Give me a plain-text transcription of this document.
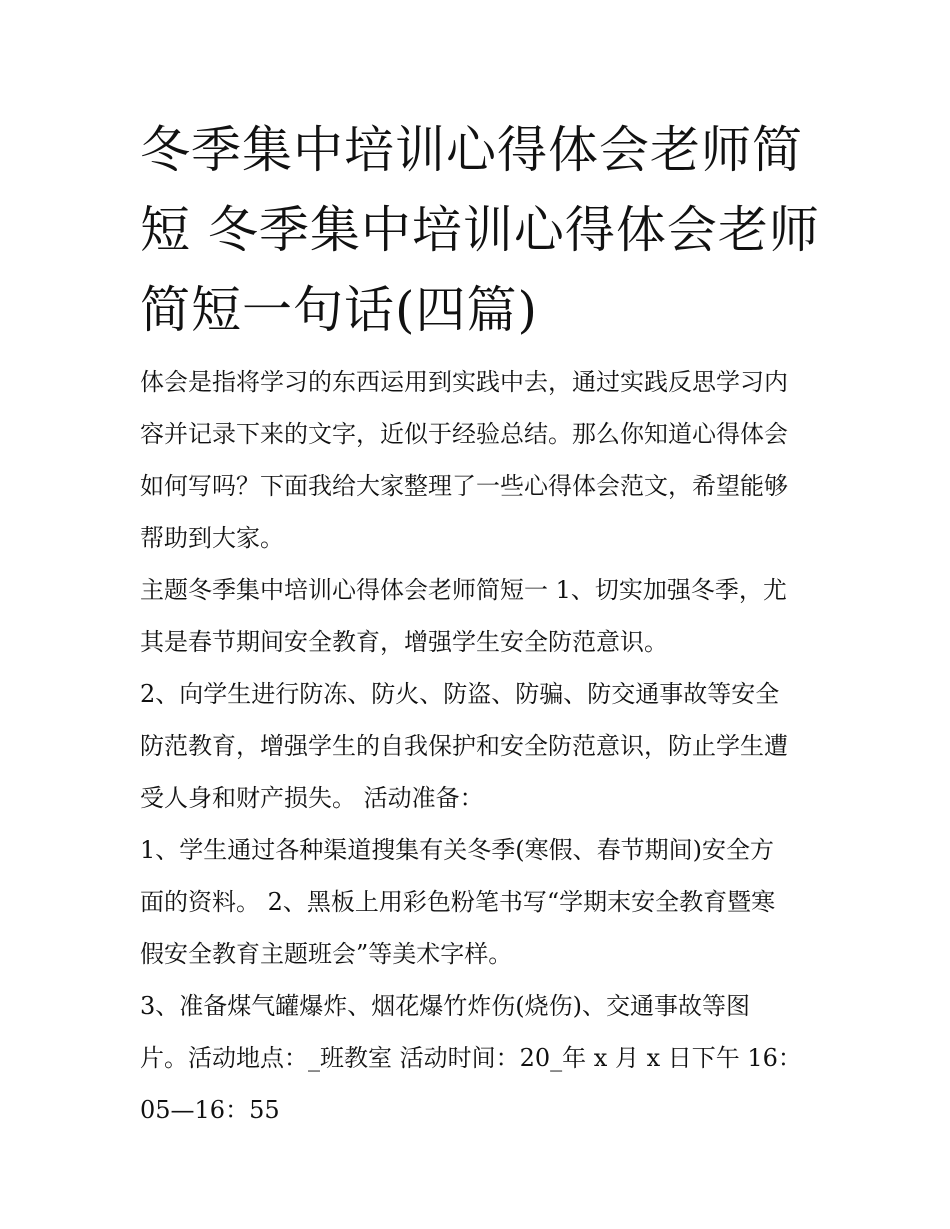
冬季集中培训心得体会老师简
短 冬季集中培训心得体会老师
简短一句话(四篇)
体会是指将学习的东西运用到实践中去，通过实践反思学习内
容并记录下来的文字，近似于经验总结。那么你知道心得体会
如何写吗？下面我给大家整理了一些心得体会范文，希望能够
帮助到大家。
主题冬季集中培训心得体会老师简短一 1、切实加强冬季，尤
其是春节期间安全教育，增强学生安全防范意识。
2、向学生进行防冻、防火、防盗、防骗、防交通事故等安全
防范教育，增强学生的自我保护和安全防范意识，防止学生遭
受人身和财产损失。 活动准备：
1、学生通过各种渠道搜集有关冬季(寒假、春节期间)安全方
面的资料。 2、黑板上用彩色粉笔书写“学期末安全教育暨寒
假安全教育主题班会”等美术字样。
3、准备煤气罐爆炸、烟花爆竹炸伤(烧伤)、交通事故等图
片。活动地点：_班教室 活动时间：20_年 x 月 x 日下午 16：
05—16：55
